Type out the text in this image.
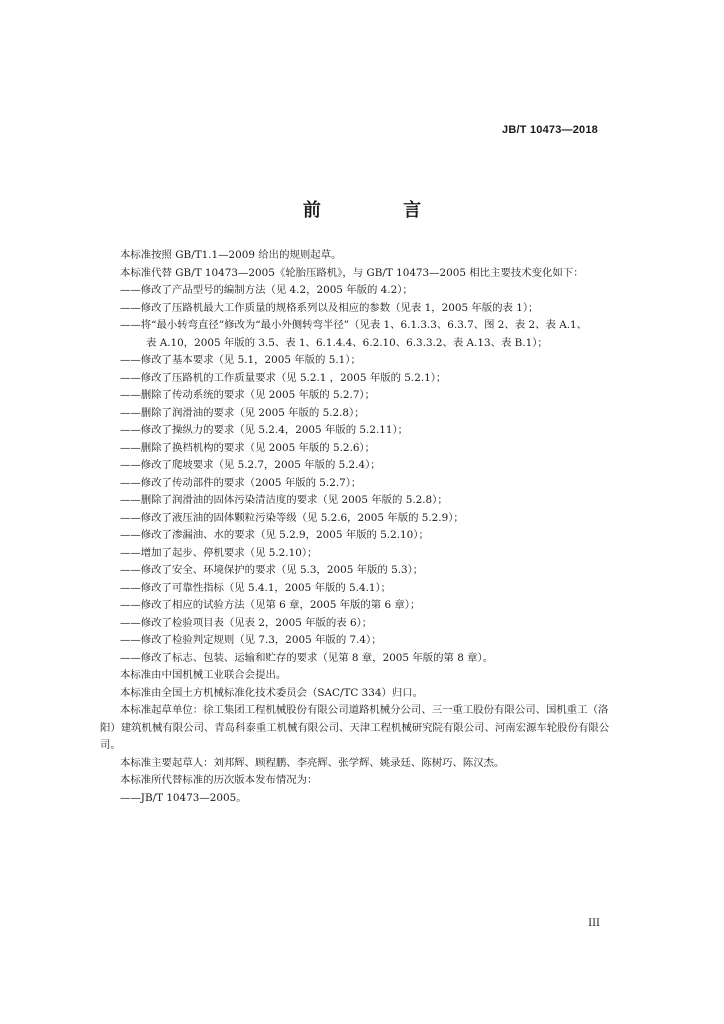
JB/T 10473—2018
前 言

本标准按照 GB/T1.1—2009 给出的规则起草。

本标准代替 GB/T 10473—2005《轮胎压路机》，与 GB/T 10473—2005 相比主要技术变化如下：

——修改了产品型号的编制方法（见 4.2，2005 年版的 4.2）；

——修改了压路机最大工作质量的规格系列以及相应的参数（见表 1，2005 年版的表 1）；

——将“最小转弯直径”修改为“最小外侧转弯半径”（见表 1、6.1.3.3、6.3.7、图 2、表 2、表 A.1、
表 A.10，2005 年版的 3.5、表 1、6.1.4.4、6.2.10、6.3.3.2、表 A.13、表 B.1）；

——修改了基本要求（见 5.1，2005 年版的 5.1）；

——修改了压路机的工作质量要求（见 5.2.1 ，2005 年版的 5.2.1）；

——删除了传动系统的要求（见 2005 年版的 5.2.7）；

——删除了润滑油的要求（见 2005 年版的 5.2.8）；

——修改了操纵力的要求（见 5.2.4，2005 年版的 5.2.11）；

——删除了换档机构的要求（见 2005 年版的 5.2.6）；

——修改了爬坡要求（见 5.2.7，2005 年版的 5.2.4）；

——修改了传动部件的要求（2005 年版的 5.2.7）；

——删除了润滑油的固体污染清洁度的要求（见 2005 年版的 5.2.8）；

——修改了液压油的固体颗粒污染等级（见 5.2.6，2005 年版的 5.2.9）；

——修改了渗漏油、水的要求（见 5.2.9，2005 年版的 5.2.10）；

——增加了起步、停机要求（见 5.2.10）；

——修改了安全、环境保护的要求（见 5.3，2005 年版的 5.3）；

——修改了可靠性指标（见 5.4.1，2005 年版的 5.4.1）；

——修改了相应的试验方法（见第 6 章，2005 年版的第 6 章）；

——修改了检验项目表（见表 2，2005 年版的表 6）；

——修改了检验判定规则（见 7.3，2005 年版的 7.4）；

——修改了标志、包装、运输和贮存的要求（见第 8 章，2005 年版的第 8 章）。

本标准由中国机械工业联合会提出。

本标准由全国土方机械标准化技术委员会（SAC/TC 334）归口。

本标准起草单位：徐工集团工程机械股份有限公司道路机械分公司、三一重工股份有限公司、国机重工（洛阳）建筑机械有限公司、青岛科泰重工机械有限公司、天津工程机械研究院有限公司、河南宏源车轮股份有限公司。

本标准主要起草人：刘邦辉、顾程鹏、李亮辉、张学辉、姚录廷、陈树巧、陈汉杰。

本标准所代替标准的历次版本发布情况为：

——JB/T 10473—2005。

III
